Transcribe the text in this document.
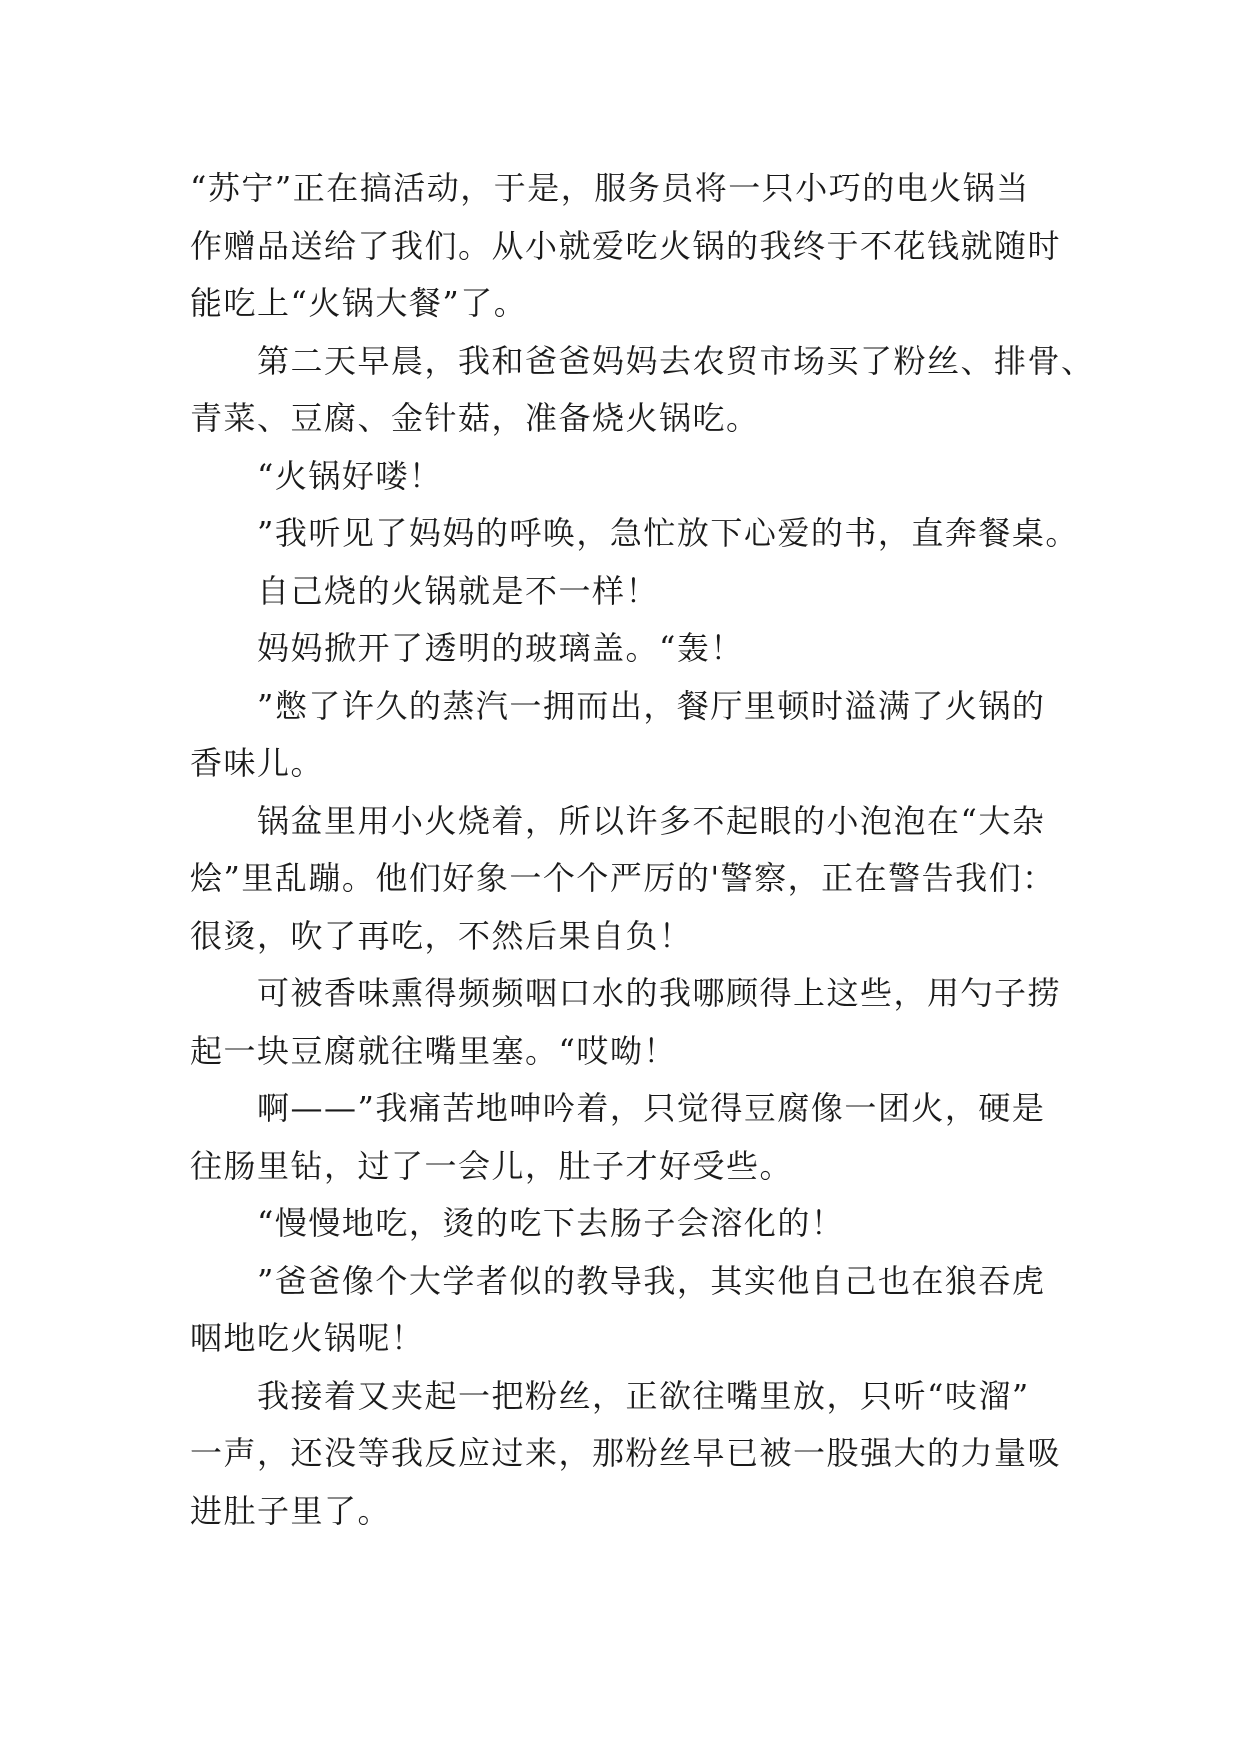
“苏宁”正在搞活动，于是，服务员将一只小巧的电火锅当
作赠品送给了我们。从小就爱吃火锅的我终于不花钱就随时
能吃上“火锅大餐”了。
第二天早晨，我和爸爸妈妈去农贸市场买了粉丝、排骨、
青菜、豆腐、金针菇，准备烧火锅吃。
“火锅好喽！
”我听见了妈妈的呼唤，急忙放下心爱的书，直奔餐桌。
自己烧的火锅就是不一样！
妈妈掀开了透明的玻璃盖。“轰！
”憋了许久的蒸汽一拥而出，餐厅里顿时溢满了火锅的
香味儿。
锅盆里用小火烧着，所以许多不起眼的小泡泡在“大杂
烩”里乱蹦。他们好象一个个严厉的'警察，正在警告我们：
很烫，吹了再吃，不然后果自负！
可被香味熏得频频咽口水的我哪顾得上这些，用勺子捞
起一块豆腐就往嘴里塞。“哎呦！
啊——”我痛苦地呻吟着，只觉得豆腐像一团火，硬是
往肠里钻，过了一会儿，肚子才好受些。
“慢慢地吃，烫的吃下去肠子会溶化的！
”爸爸像个大学者似的教导我，其实他自己也在狼吞虎
咽地吃火锅呢！
我接着又夹起一把粉丝，正欲往嘴里放，只听“吱溜”
一声，还没等我反应过来，那粉丝早已被一股强大的力量吸
进肚子里了。
